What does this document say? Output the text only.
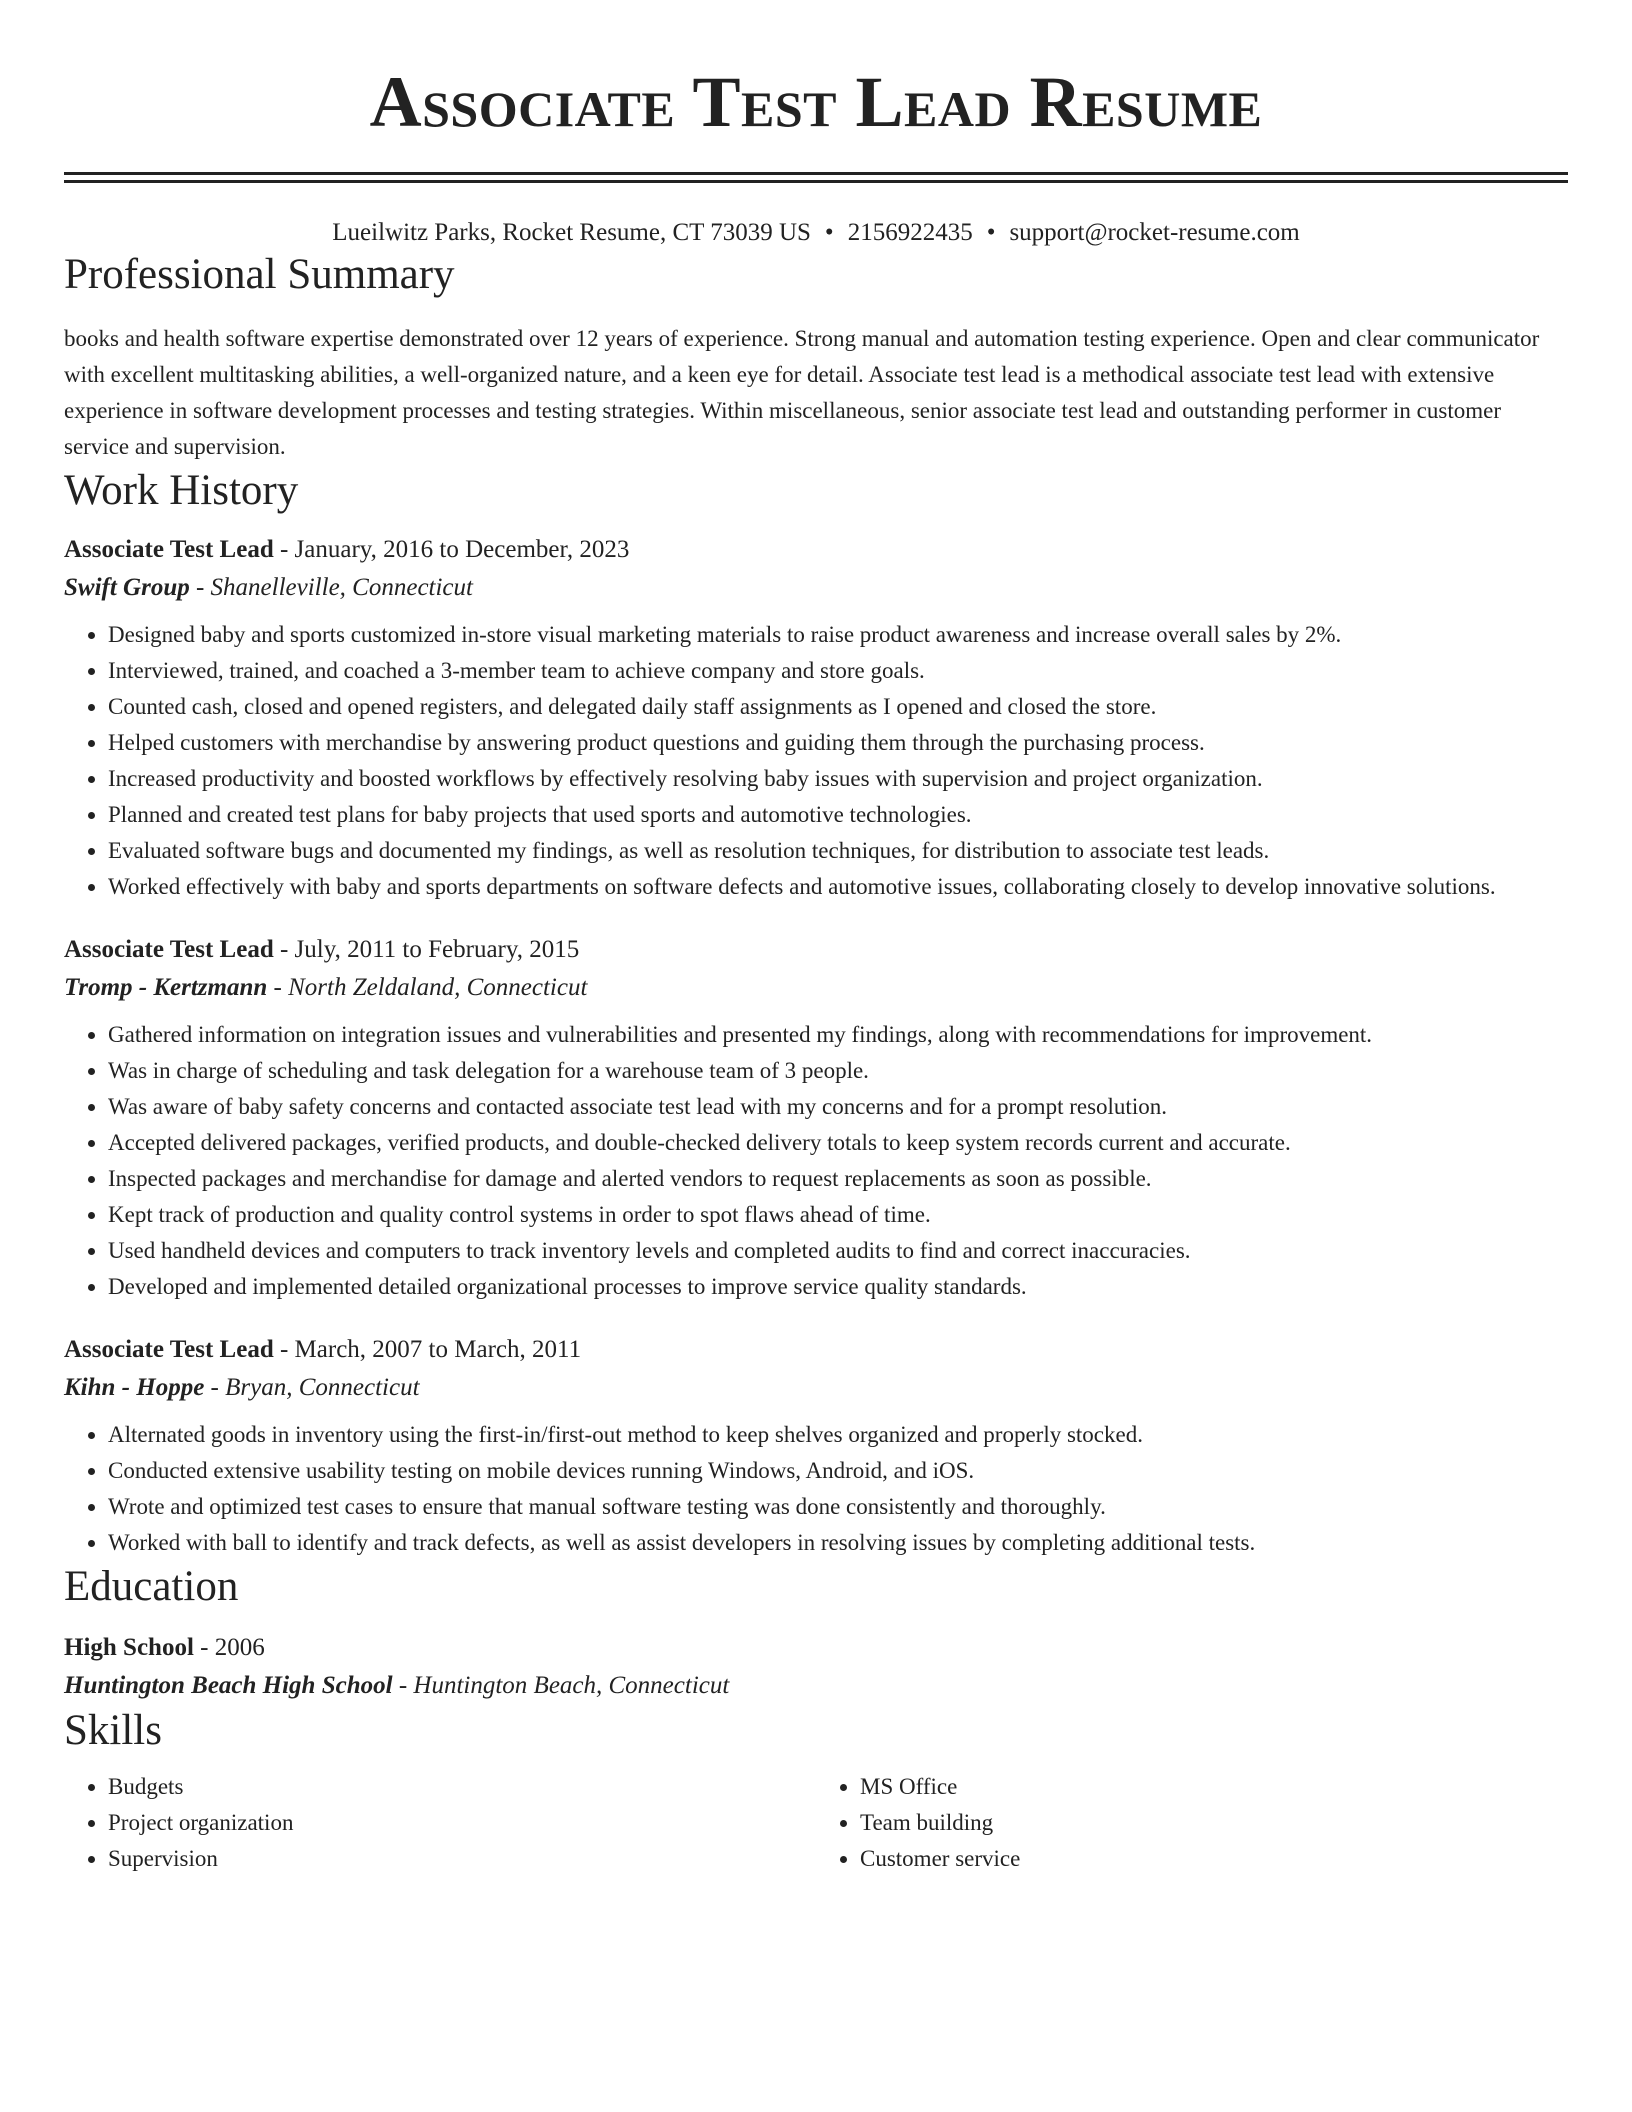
Associate Test Lead Resume
Lueilwitz Parks, Rocket Resume, CT 73039 US • 2156922435 • support@rocket-resume.com
Professional Summary

books and health software expertise demonstrated over 12 years of experience. Strong manual and automation testing experience. Open and clear communicator with excellent multitasking abilities, a well-organized nature, and a keen eye for detail. Associate test lead is a methodical associate test lead with extensive experience in software development processes and testing strategies. Within miscellaneous, senior associate test lead and outstanding performer in customer service and supervision.

Work History
Associate Test Lead - January, 2016 to December, 2023
Swift Group - Shanelleville, Connecticut
• Designed baby and sports customized in-store visual marketing materials to raise product awareness and increase overall sales by 2%.
• Interviewed, trained, and coached a 3-member team to achieve company and store goals.
• Counted cash, closed and opened registers, and delegated daily staff assignments as I opened and closed the store.
• Helped customers with merchandise by answering product questions and guiding them through the purchasing process.
• Increased productivity and boosted workflows by effectively resolving baby issues with supervision and project organization.
• Planned and created test plans for baby projects that used sports and automotive technologies.
• Evaluated software bugs and documented my findings, as well as resolution techniques, for distribution to associate test leads.
• Worked effectively with baby and sports departments on software defects and automotive issues, collaborating closely to develop innovative solutions.
Associate Test Lead - July, 2011 to February, 2015
Tromp - Kertzmann - North Zeldaland, Connecticut
• Gathered information on integration issues and vulnerabilities and presented my findings, along with recommendations for improvement.
• Was in charge of scheduling and task delegation for a warehouse team of 3 people.
• Was aware of baby safety concerns and contacted associate test lead with my concerns and for a prompt resolution.
• Accepted delivered packages, verified products, and double-checked delivery totals to keep system records current and accurate.
• Inspected packages and merchandise for damage and alerted vendors to request replacements as soon as possible.
• Kept track of production and quality control systems in order to spot flaws ahead of time.
• Used handheld devices and computers to track inventory levels and completed audits to find and correct inaccuracies.
• Developed and implemented detailed organizational processes to improve service quality standards.
Associate Test Lead - March, 2007 to March, 2011
Kihn - Hoppe - Bryan, Connecticut
• Alternated goods in inventory using the first-in/first-out method to keep shelves organized and properly stocked.
• Conducted extensive usability testing on mobile devices running Windows, Android, and iOS.
• Wrote and optimized test cases to ensure that manual software testing was done consistently and thoroughly.
• Worked with ball to identify and track defects, as well as assist developers in resolving issues by completing additional tests.
Education
High School - 2006
Huntington Beach High School - Huntington Beach, Connecticut
Skills
• Budgets
• Project organization
• Supervision
• MS Office
• Team building
• Customer service
